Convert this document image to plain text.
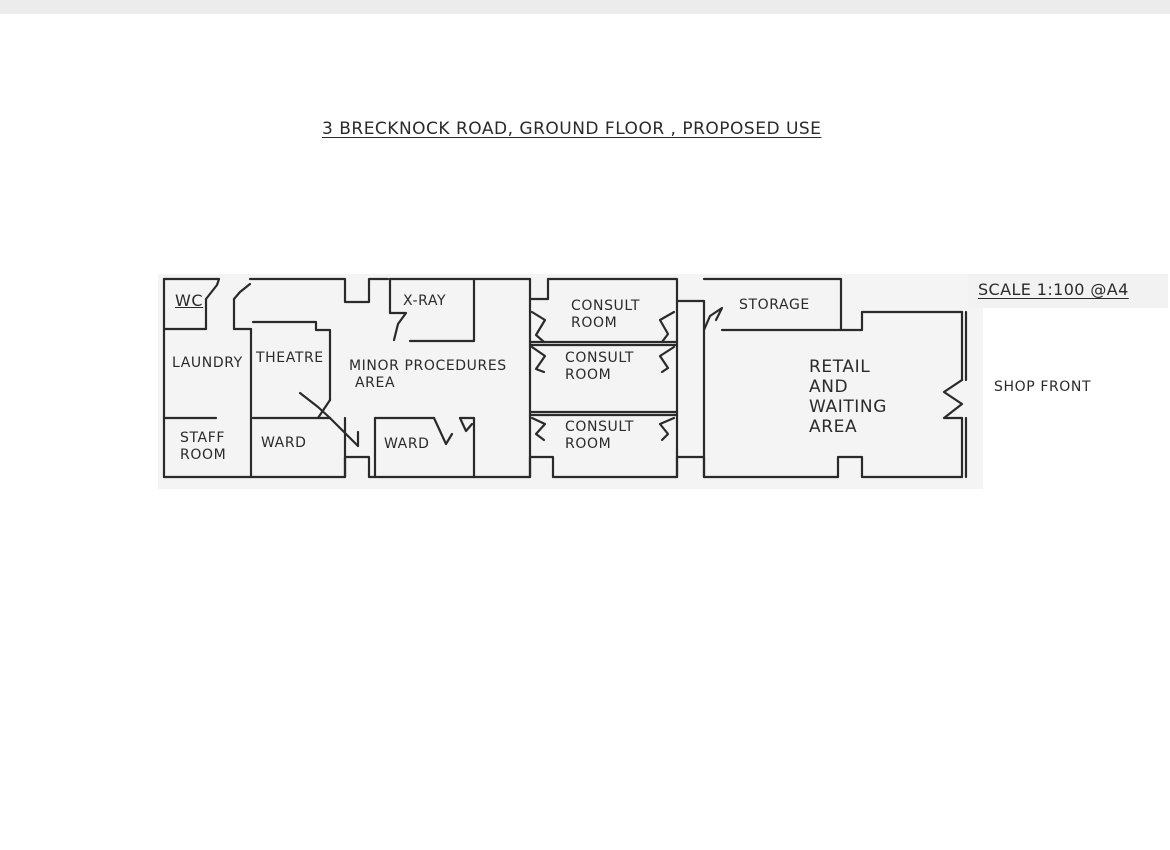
3 BRECKNOCK ROAD, GROUND FLOOR , PROPOSED USE
SCALE 1:100 @A4
WC
LAUNDRY
STAFF
ROOM
THEATRE
WARD
X-RAY
MINOR PROCEDURES
AREA
WARD
CONSULT
ROOM
CONSULT
ROOM
CONSULT
ROOM
STORAGE
RETAIL
AND
WAITING
AREA
SHOP FRONT
